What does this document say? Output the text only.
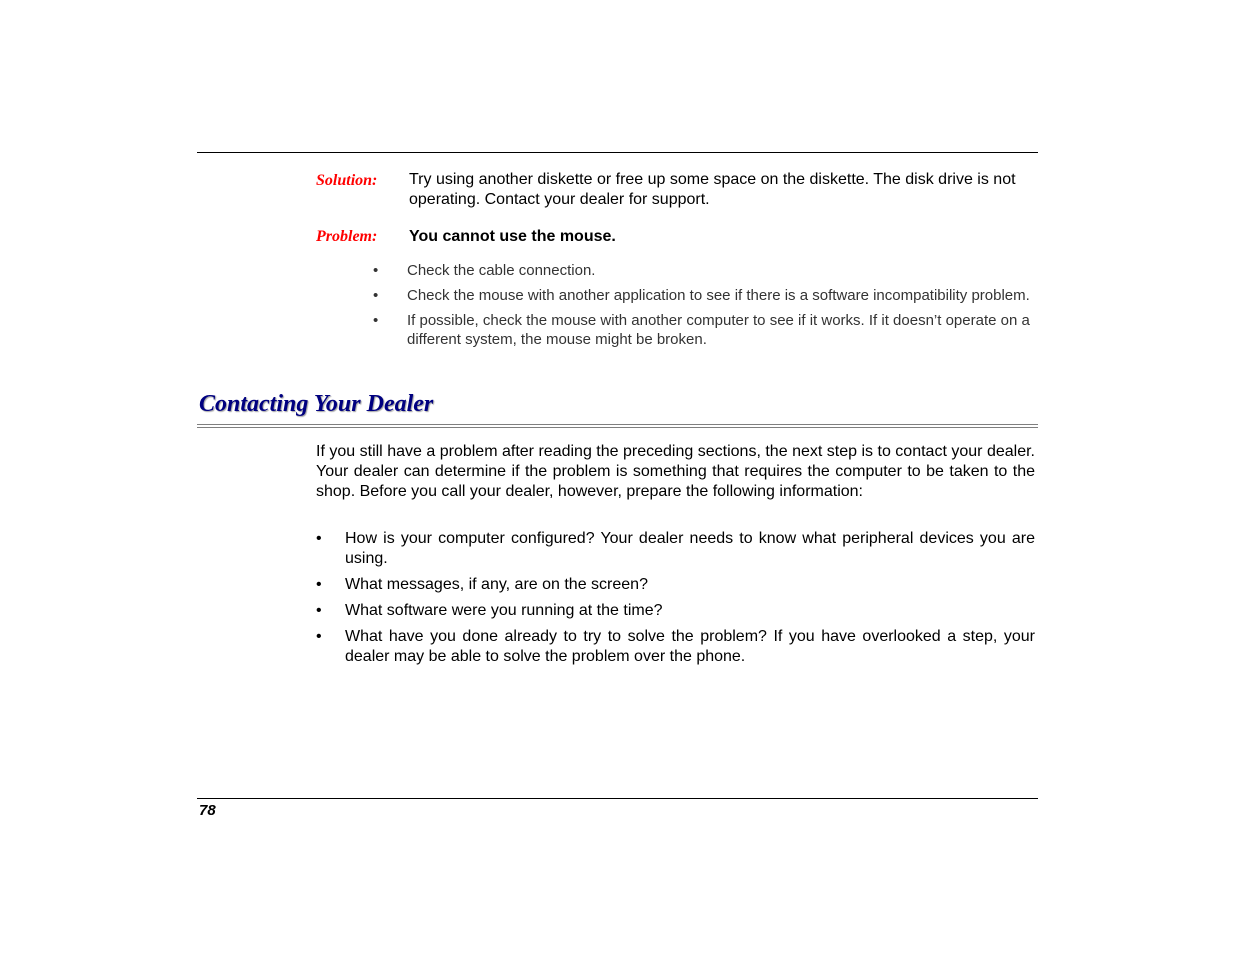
Solution: Try using another diskette or free up some space on the diskette. The disk drive is not operating. Contact your dealer for support.
Problem: You cannot use the mouse.
• Check the cable connection.
• Check the mouse with another application to see if there is a software incompatibility problem.
• If possible, check the mouse with another computer to see if it works. If it doesn’t operate on a different system, the mouse might be broken.
Contacting Your Dealer

If you still have a problem after reading the preceding sections, the next step is to contact your dealer. Your dealer can determine if the problem is something that requires the computer to be taken to the shop. Before you call your dealer, however, prepare the following information:

• How is your computer configured? Your dealer needs to know what peripheral devices you are using.
• What messages, if any, are on the screen?
• What software were you running at the time?
• What have you done already to try to solve the problem? If you have overlooked a step, your dealer may be able to solve the problem over the phone.
78
